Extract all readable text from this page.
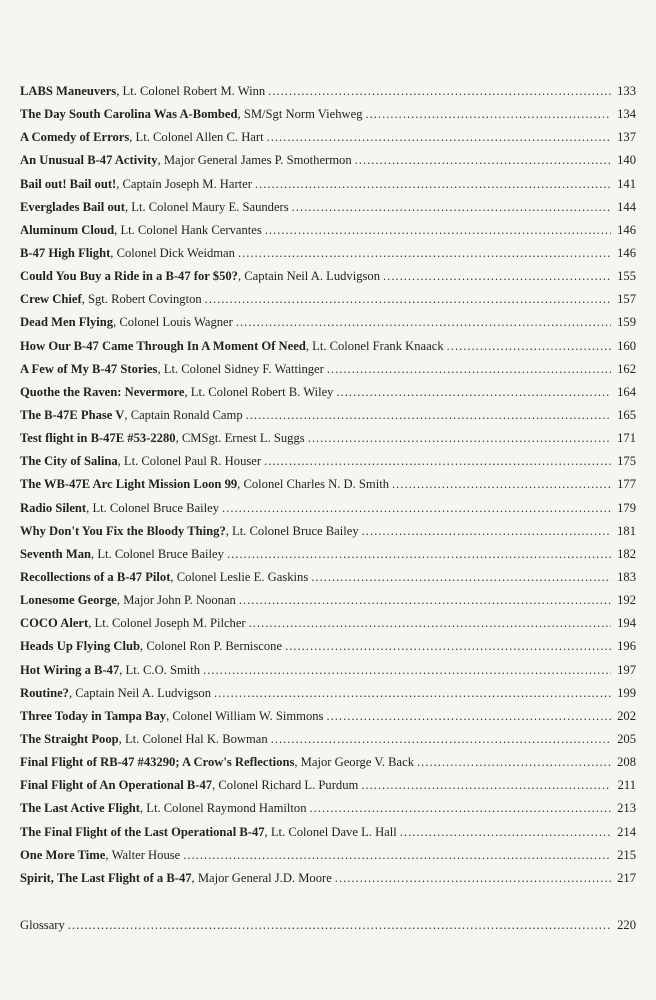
LABS Maneuvers , Lt. Colonel Robert M. Winn .....	133
The Day South Carolina Was A-Bombed , SM/Sgt Norm Viehweg .....	134
A Comedy of Errors , Lt. Colonel Allen C. Hart .....	137
An Unusual B-47 Activity , Major General James P. Smothermon .....	140
Bail out! Bail out! , Captain Joseph M. Harter .....	141
Everglades Bail out , Lt. Colonel Maury E. Saunders .....	144
Aluminum Cloud , Lt. Colonel Hank Cervantes .....	146
B-47 High Flight , Colonel Dick Weidman .....	146
Could You Buy a Ride in a B-47 for $50? , Captain Neil A. Ludvigson .....	155
Crew Chief , Sgt. Robert Covington .....	157
Dead Men Flying , Colonel Louis Wagner .....	159
How Our B-47 Came Through In A Moment Of Need , Lt. Colonel Frank Knaack .....	160
A Few of My B-47 Stories , Lt. Colonel Sidney F. Wattinger .....	162
Quothe the Raven: Nevermore , Lt. Colonel Robert B. Wiley .....	164
The B-47E Phase V , Captain Ronald Camp .....	165
Test flight in B-47E #53-2280 , CMSgt. Ernest L. Suggs .....	171
The City of Salina , Lt. Colonel Paul R. Houser .....	175
The WB-47E Arc Light Mission Loon 99 , Colonel Charles N. D. Smith .....	177
Radio Silent , Lt. Colonel Bruce Bailey .....	179
Why Don't You Fix the Bloody Thing? , Lt. Colonel Bruce Bailey .....	181
Seventh Man , Lt. Colonel Bruce Bailey .....	182
Recollections of a B-47 Pilot , Colonel Leslie E. Gaskins .....	183
Lonesome George , Major John P. Noonan .....	192
COCO Alert , Lt. Colonel Joseph M. Pilcher .....	194
Heads Up Flying Club , Colonel Ron P. Berniscone .....	196
Hot Wiring a B-47 , Lt. C.O. Smith .....	197
Routine? , Captain Neil A. Ludvigson .....	199
Three Today in Tampa Bay , Colonel William W. Simmons .....	202
The Straight Poop , Lt. Colonel Hal K. Bowman .....	205
Final Flight of RB-47 #43290; A Crow's Reflections , Major George V. Back .....	208
Final Flight of An Operational B-47 , Colonel Richard L. Purdum .....	211
The Last Active Flight , Lt. Colonel Raymond Hamilton .....	213
The Final Flight of the Last Operational B-47 , Lt. Colonel Dave L. Hall .....	214
One More Time , Walter House .....	215
Spirit, The Last Flight of a B-47 , Major General J.D. Moore .....	217
Glossary .....	220
